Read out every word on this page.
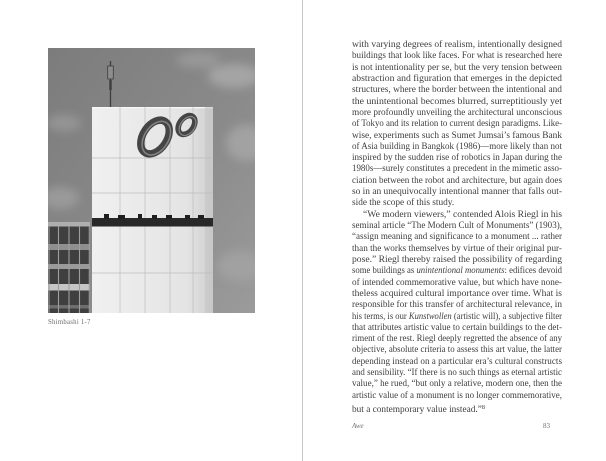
Shimbashi 1-7
with varying degrees of realism, intentionally designed
buildings that look like faces. For what is researched here
is not intentionality per se, but the very tension between
abstraction and figuration that emerges in the depicted
structures, where the border between the intentional and
the unintentional becomes blurred, surreptitiously yet
more profoundly unveiling the architectural unconscious
of Tokyo and its relation to current design paradigms. Like-
wise, experiments such as Sumet Jumsai’s famous Bank
of Asia building in Bangkok (1986)—more likely than not
inspired by the sudden rise of robotics in Japan during the
1980s—surely constitutes a precedent in the mimetic asso-
ciation between the robot and architecture, but again does
so in an unequivocally intentional manner that falls out-
side the scope of this study.
“We modern viewers,” contended Alois Riegl in his
seminal article “The Modern Cult of Monuments” (1903),
“assign meaning and significance to a monument ... rather
than the works themselves by virtue of their original pur-
pose.” Riegl thereby raised the possibility of regarding
some buildings as unintentional monuments: edifices devoid
of intended commemorative value, but which have none-
theless acquired cultural importance over time. What is
responsible for this transfer of architectural relevance, in
his terms, is our Kunstwollen (artistic will), a subjective filter
that attributes artistic value to certain buildings to the det-
riment of the rest. Riegl deeply regretted the absence of any
objective, absolute criteria to assess this art value, the latter
depending instead on a particular era’s cultural constructs
and sensibility. “If there is no such things as eternal artistic
value,” he rued, “but only a relative, modern one, then the
artistic value of a monument is no longer commemorative,
but a contemporary value instead.”$^8$
Awe	83
